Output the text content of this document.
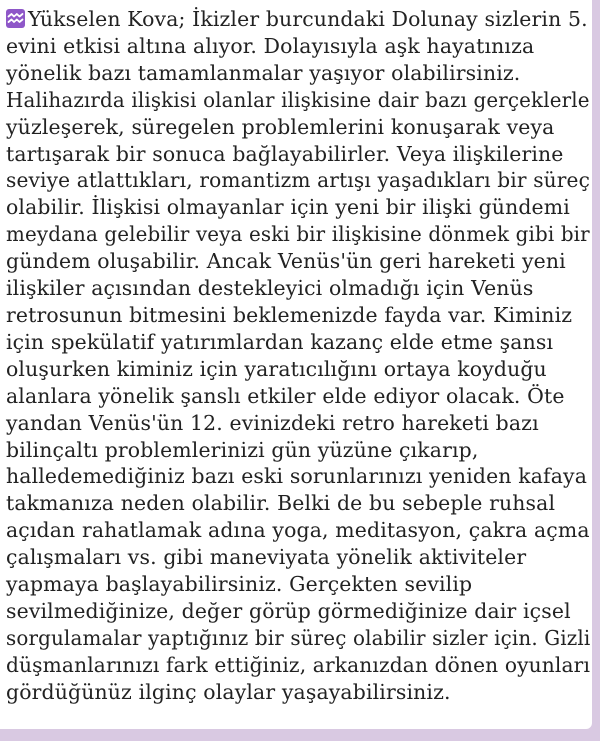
Yükselen Kova; İkizler burcundaki Dolunay sizlerin 5.
evini etkisi altına alıyor. Dolayısıyla aşk hayatınıza
yönelik bazı tamamlanmalar yaşıyor olabilirsiniz.
Halihazırda ilişkisi olanlar ilişkisine dair bazı gerçeklerle
yüzleşerek, süregelen problemlerini konuşarak veya
tartışarak bir sonuca bağlayabilirler. Veya ilişkilerine
seviye atlattıkları, romantizm artışı yaşadıkları bir süreç
olabilir. İlişkisi olmayanlar için yeni bir ilişki gündemi
meydana gelebilir veya eski bir ilişkisine dönmek gibi bir
gündem oluşabilir. Ancak Venüs'ün geri hareketi yeni
ilişkiler açısından destekleyici olmadığı için Venüs
retrosunun bitmesini beklemenizde fayda var. Kiminiz
için spekülatif yatırımlardan kazanç elde etme şansı
oluşurken kiminiz için yaratıcılığını ortaya koyduğu
alanlara yönelik şanslı etkiler elde ediyor olacak. Öte
yandan Venüs'ün 12. evinizdeki retro hareketi bazı
bilinçaltı problemlerinizi gün yüzüne çıkarıp,
halledemediğiniz bazı eski sorunlarınızı yeniden kafaya
takmanıza neden olabilir. Belki de bu sebeple ruhsal
açıdan rahatlamak adına yoga, meditasyon, çakra açma
çalışmaları vs. gibi maneviyata yönelik aktiviteler
yapmaya başlayabilirsiniz. Gerçekten sevilip
sevilmediğinize, değer görüp görmediğinize dair içsel
sorgulamalar yaptığınız bir süreç olabilir sizler için. Gizli
düşmanlarınızı fark ettiğiniz, arkanızdan dönen oyunları
gördüğünüz ilginç olaylar yaşayabilirsiniz.
